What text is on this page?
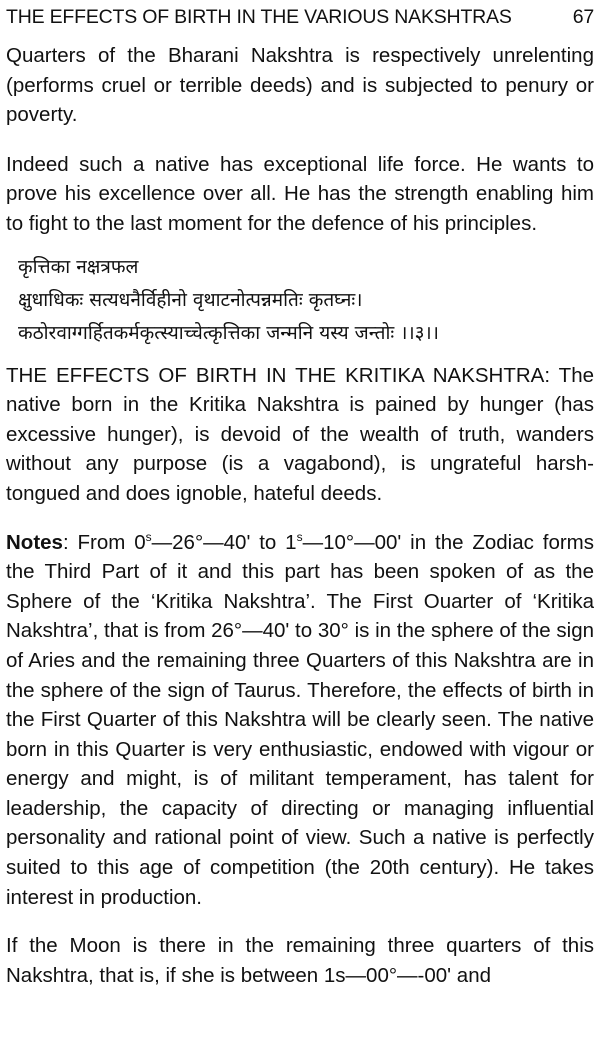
THE EFFECTS OF BIRTH IN THE VARIOUS NAKSHTRAS	67

Quarters of the Bharani Nakshtra is respectively unrelenting (performs cruel or terrible deeds) and is subjected to penury or poverty.

Indeed such a native has exceptional life force. He wants to prove his excellence over all. He has the strength enabling him to fight to the last moment for the defence of his principles.

कृत्तिका नक्षत्रफल
क्षुधाधिकः सत्यधनैर्विहीनो वृथाटनोत्पन्नमतिः कृतघ्नः।
कठोरवाग्गर्हितकर्मकृत्स्याच्चेत्कृत्तिका जन्मनि यस्य जन्तोः ।।३।।

THE EFFECTS OF BIRTH IN THE KRITIKA NAKSHTRA: The native born in the Kritika Nakshtra is pained by hunger (has excessive hunger), is devoid of the wealth of truth, wanders without any purpose (is a vagabond), is ungrateful harsh-tongued and does ignoble, hateful deeds.

Notes: From 0$^s$—26°—40' to 1$^s$—10°—00' in the Zodiac forms the Third Part of it and this part has been spoken of as the Sphere of the ‘Kritika Nakshtra’. The First Ouarter of ‘Kritika Nakshtra’, that is from 26°—40' to 30° is in the sphere of the sign of Aries and the remaining three Quarters of this Nakshtra are in the sphere of the sign of Taurus. Therefore, the effects of birth in the First Quarter of this Nakshtra will be clearly seen. The native born in this Quarter is very enthusiastic, endowed with vigour or energy and might, is of militant temperament, has talent for leadership, the capacity of directing or managing influential personality and rational point of view. Such a native is perfectly suited to this age of competition (the 20th century). He takes interest in production.

If the Moon is there in the remaining three quarters of this Nakshtra, that is, if she is between 1s—00°—-00' and
